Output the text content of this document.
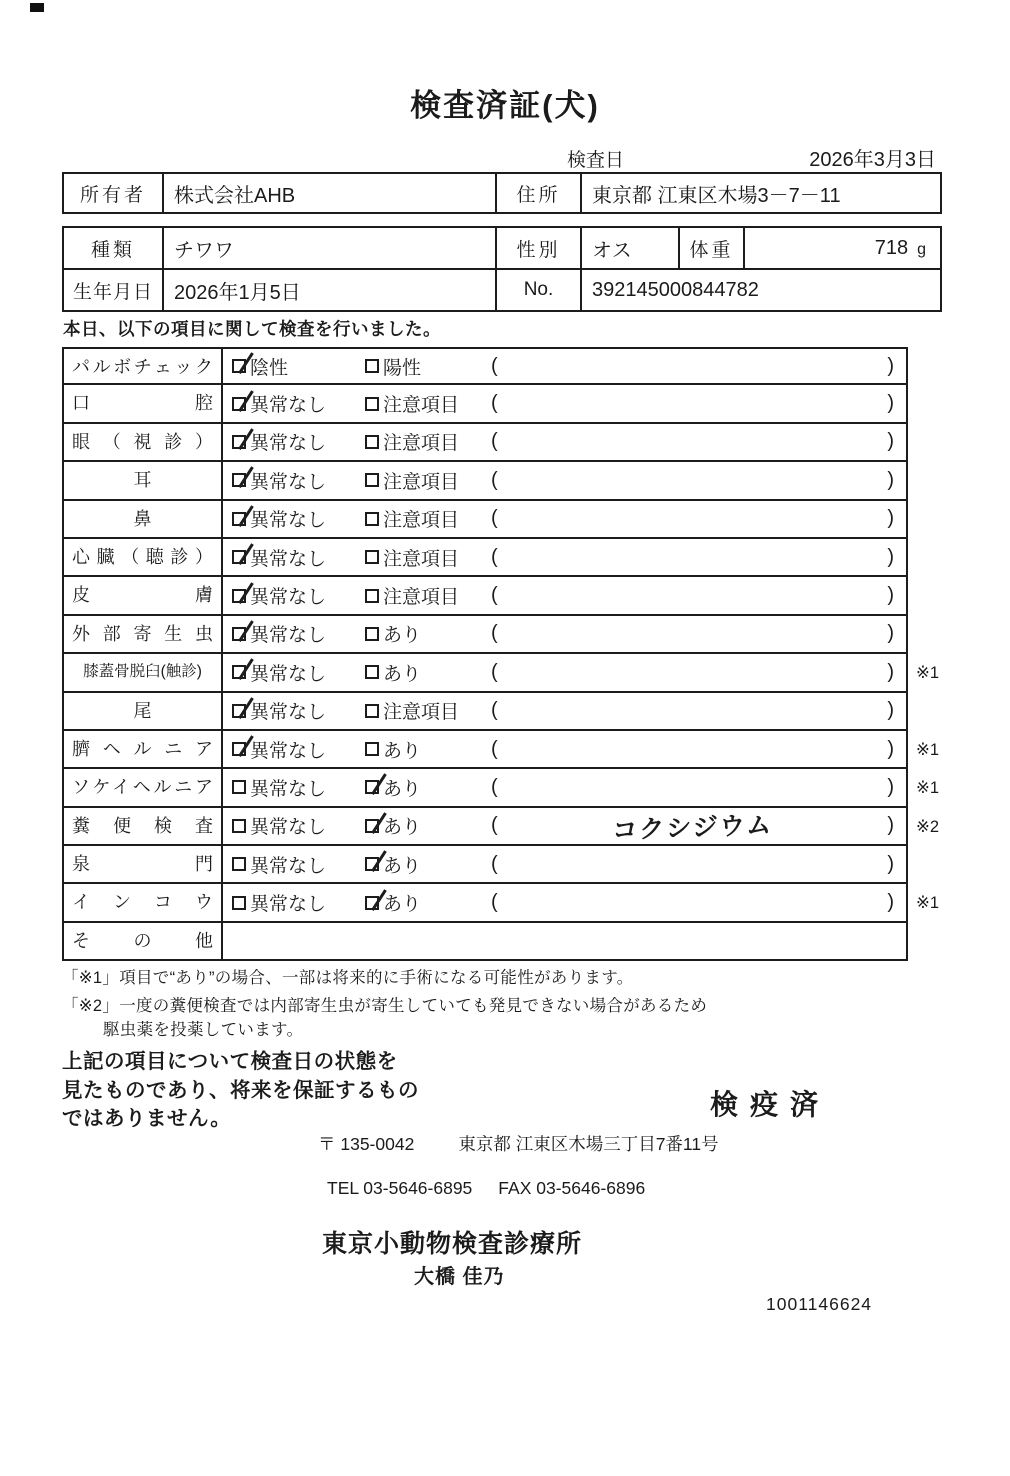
検査済証(犬)
検査日	2026年3月3日
所有者	株式会社AHB	住所	東京都 江東区木場3－7－11
種類	チワワ	性別	オス	体重	718 g
生年月日	2026年1月5日	No.	392145000844782		
本日、以下の項目に関して検査を行いました。
パルボチェック	陰性	陽性	(	)
口腔	異常なし	注意項目 (	)
眼（視診）	異常なし	注意項目 (	)
耳	異常なし	注意項目 (	)
鼻	異常なし	注意項目 (	)
心臓（聴診）	異常なし	注意項目 (	)
皮膚	異常なし	注意項目 (	)
外部寄生虫	異常なし	あり	(	)
膝蓋骨脱臼(触診)	異常なし	あり	(	)	※1
尾	異常なし	注意項目 (	)
臍ヘルニア	異常なし	あり	(	)	※1
ソケイヘルニア	異常なし	あり	(	)	※1
糞便検査	異常なし	あり	(	コクシジウム	)	※2
泉門	異常なし	あり	(	)
インコウ	異常なし	あり	(	)	※1
その他
「※1」項目で“あり”の場合、一部は将来的に手術になる可能性があります。
「※2」一度の糞便検査では内部寄生虫が寄生していても発見できない場合があるため
駆虫薬を投薬しています。
上記の項目について検査日の状態を
見たものであり、将来を保証するもの
ではありません。	検疫済
〒 135-0042	東京都 江東区木場三丁目7番11号
TEL 03-5646-6895 FAX 03-5646-6896
東京小動物検査診療所
大橋 佳乃
1001146624
